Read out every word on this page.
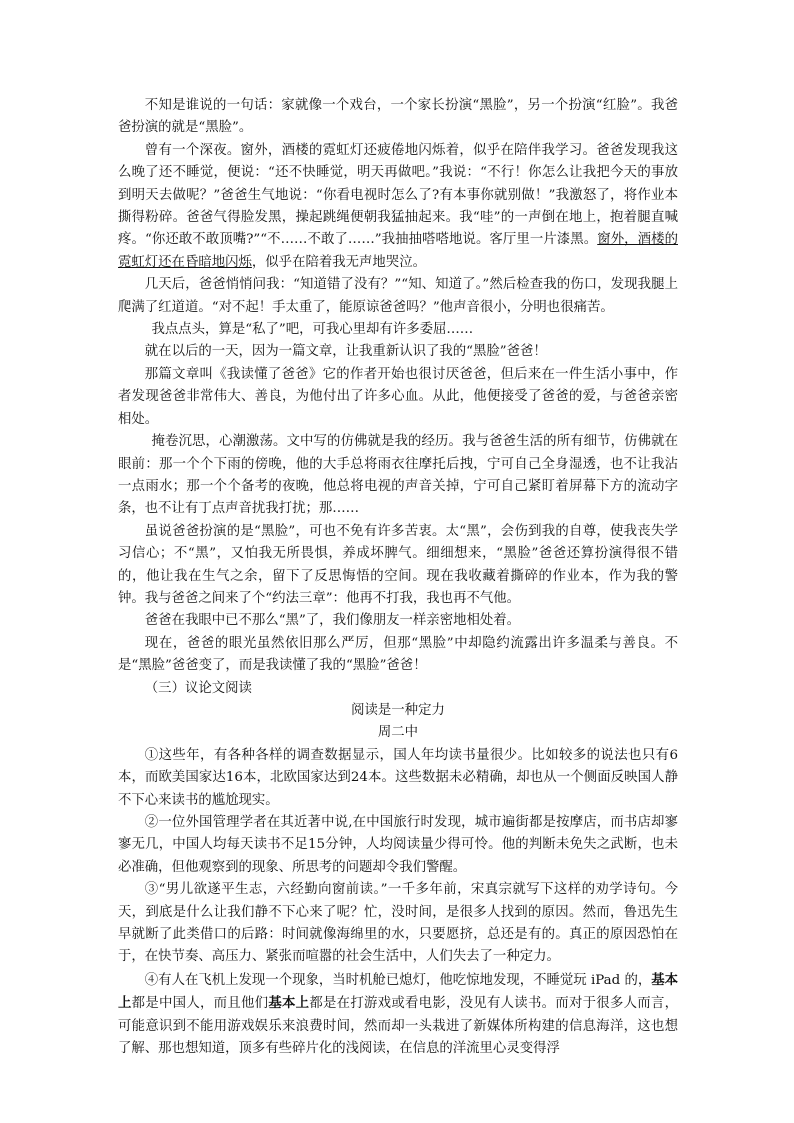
不知是谁说的一句话：家就像一个戏台，一个家长扮演“黑脸”，另一个扮演“红脸”。我爸爸扮演的就是“黑脸”。

曾有一个深夜。窗外，酒楼的霓虹灯还疲倦地闪烁着，似乎在陪伴我学习。爸爸发现我这么晚了还不睡觉，便说：“还不快睡觉，明天再做吧。”我说：“不行！你怎么让我把今天的事放到明天去做呢？”爸爸生气地说：“你看电视时怎么了?有本事你就别做！”我激怒了，将作业本撕得粉碎。爸爸气得脸发黑，操起跳绳便朝我猛抽起来。我“哇”的一声倒在地上，抱着腿直喊疼。“你还敢不敢顶嘴?”“不……不敢了……”我抽抽嗒嗒地说。客厅里一片漆黑。窗外，酒楼的霓虹灯还在昏暗地闪烁，似乎在陪着我无声地哭泣。

几天后，爸爸悄悄问我：“知道错了没有？”“知、知道了。”然后检查我的伤口，发现我腿上爬满了红道道。“对不起！手太重了，能原谅爸爸吗？”他声音很小，分明也很痛苦。

我点点头，算是“私了”吧，可我心里却有许多委屈……

就在以后的一天，因为一篇文章，让我重新认识了我的“黑脸”爸爸！

那篇文章叫《我读懂了爸爸》它的作者开始也很讨厌爸爸，但后来在一件生活小事中，作者发现爸爸非常伟大、善良，为他付出了许多心血。从此，他便接受了爸爸的爱，与爸爸亲密相处。

掩卷沉思，心潮激荡。文中写的仿佛就是我的经历。我与爸爸生活的所有细节，仿佛就在眼前：那一个个下雨的傍晚，他的大手总将雨衣往摩托后拽，宁可自己全身湿透，也不让我沾一点雨水；那一个个备考的夜晚，他总将电视的声音关掉，宁可自己紧盯着屏幕下方的流动字条，也不让有丁点声音扰我打扰；那……

虽说爸爸扮演的是“黑脸”，可也不免有许多苦衷。太“黑”，会伤到我的自尊，使我丧失学习信心；不“黑”，又怕我无所畏惧，养成坏脾气。细细想来，“黑脸”爸爸还算扮演得很不错的，他让我在生气之余，留下了反思悔悟的空间。现在我收藏着撕碎的作业本，作为我的警钟。我与爸爸之间来了个“约法三章”：他再不打我，我也再不气他。

爸爸在我眼中已不那么“黑”了，我们像朋友一样亲密地相处着。

现在，爸爸的眼光虽然依旧那么严厉，但那“黑脸”中却隐约流露出许多温柔与善良。不是“黑脸”爸爸变了，而是我读懂了我的“黑脸”爸爸！

（三）议论文阅读

阅读是一种定力

周二中

①这些年，有各种各样的调查数据显示，国人年均读书量很少。比如较多的说法也只有6本，而欧美国家达16本，北欧国家达到24本。这些数据未必精确，却也从一个侧面反映国人静不下心来读书的尴尬现实。

②一位外国管理学者在其近著中说,在中国旅行时发现，城市遍街都是按摩店，而书店却寥寥无几，中国人均每天读书不足15分钟，人均阅读量少得可怜。他的判断未免失之武断，也未必准确，但他观察到的现象、所思考的问题却令我们警醒。

③“男儿欲遂平生志，六经勤向窗前读。”一千多年前，宋真宗就写下这样的劝学诗句。今天，到底是什么让我们静不下心来了呢？忙，没时间，是很多人找到的原因。然而，鲁迅先生早就断了此类借口的后路：时间就像海绵里的水，只要愿挤，总还是有的。真正的原因恐怕在于，在快节奏、高压力、紧张而喧嚣的社会生活中，人们失去了一种定力。

④有人在飞机上发现一个现象，当时机舱已熄灯，他吃惊地发现，不睡觉玩 iPad 的，基本上都是中国人，而且他们基本上都是在打游戏或看电影，没见有人读书。而对于很多人而言，可能意识到不能用游戏娱乐来浪费时间，然而却一头栽进了新媒体所构建的信息海洋，这也想了解、那也想知道，顶多有些碎片化的浅阅读，在信息的洋流里心灵变得浮
